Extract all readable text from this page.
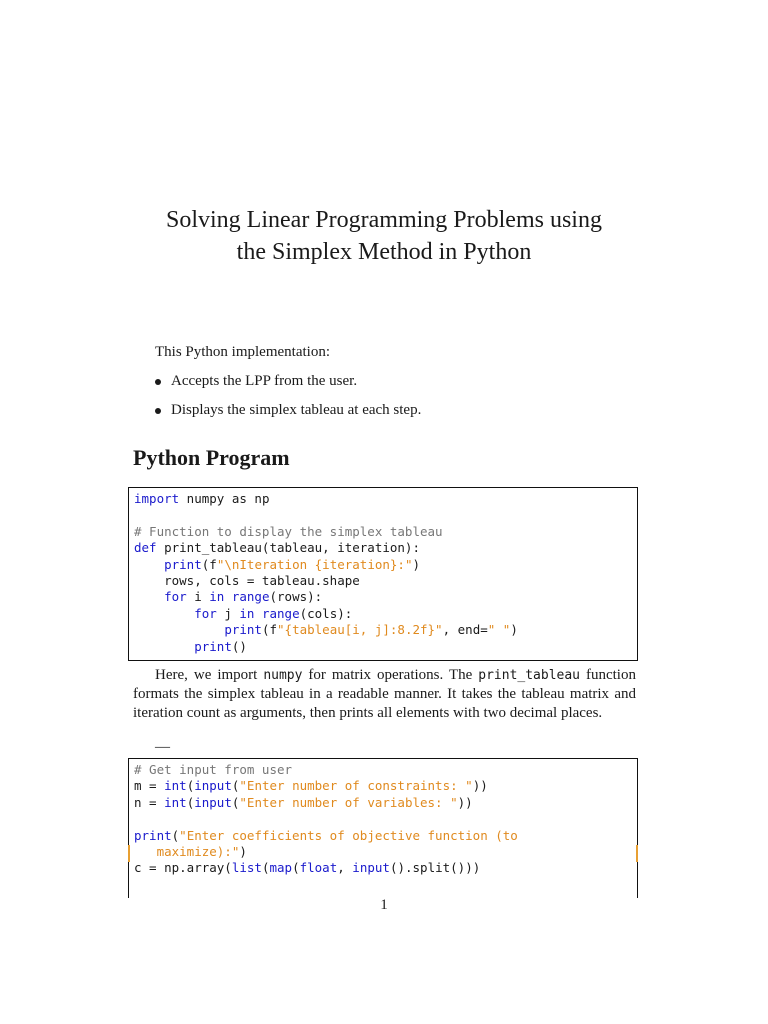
Solving Linear Programming Problems using
the Simplex Method in Python

This Python implementation:

Accepts the LPP from the user.
Displays the simplex tableau at each step.
Python Program
import numpy as np

# Function to display the simplex tableau
def print_tableau(tableau, iteration):
print(f"\nIteration {iteration}:")
rows, cols = tableau.shape
for i in range(rows):
for j in range(cols):
print(f"{tableau[i, j]:8.2f}", end=" ")
print()

Here, we import numpy for matrix operations. The print_tableau function formats the simplex tableau in a readable manner. It takes the tableau matrix and iteration count as arguments, then prints all elements with two decimal places.

—

# Get input from user
m = int(input("Enter number of constraints: "))
n = int(input("Enter number of variables: "))

print("Enter coefficients of objective function (to
maximize):")
c = np.array(list(map(float, input().split()))

1
